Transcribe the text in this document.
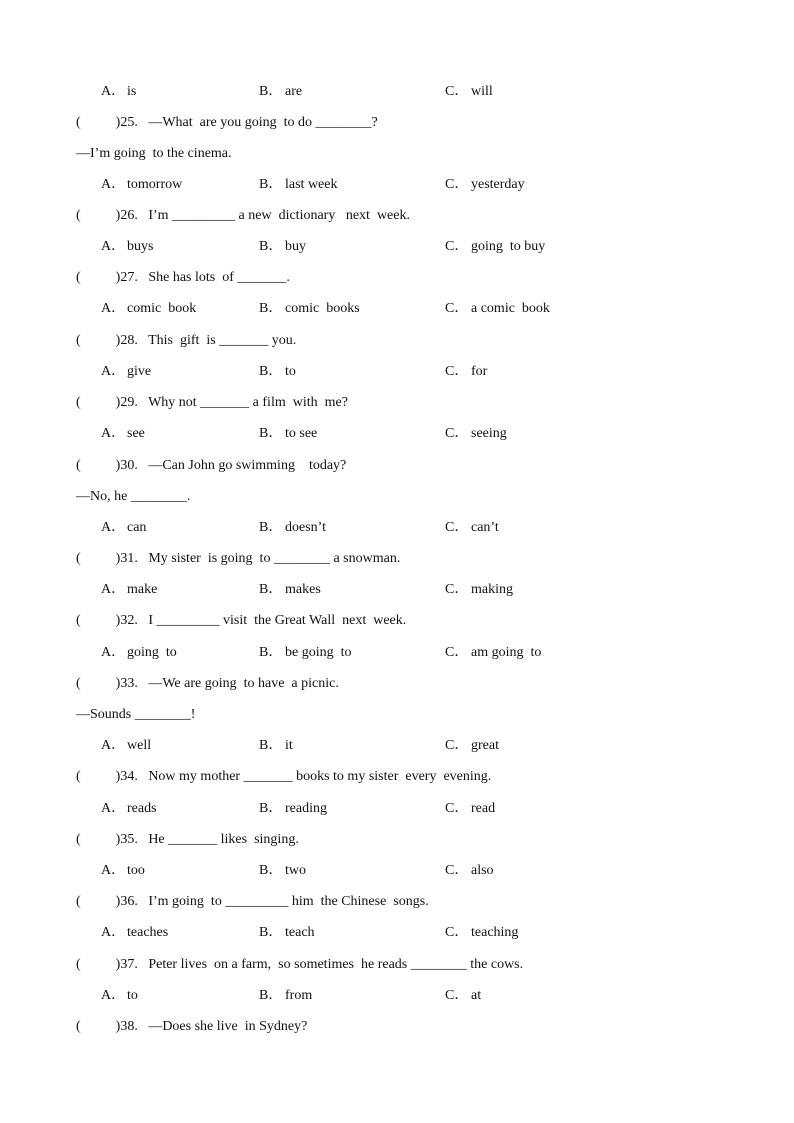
A． is	B． are	C． will
(          )25.   —What  are you going  to do ________?
—I’m going  to the cinema.
A． tomorrow	B． last week	C． yesterday
(          )26.   I’m _________ a new  dictionary   next  week.
A． buys	B． buy	C． going  to buy
(          )27.   She has lots  of _______.
A． comic  book	B． comic  books	C． a comic  book
(          )28.   This  gift  is _______ you.
A． give	B． to	C． for
(          )29.   Why not _______ a film  with  me?
A． see	B． to see	C． seeing
(          )30.   —Can John go swimming    today?
—No, he ________.
A． can	B． doesn’t	C． can’t
(          )31.   My sister  is going  to ________ a snowman.
A． make	B． makes	C． making
(          )32.   I _________ visit  the Great Wall  next  week.
A． going  to	B． be going  to	C． am going  to
(          )33.   —We are going  to have  a picnic.
—Sounds ________!
A． well	B． it	C． great
(          )34.   Now my mother _______ books to my sister  every  evening.
A． reads	B． reading	C． read
(          )35.   He _______ likes  singing.
A． too	B． two	C． also
(          )36.   I’m going  to _________ him  the Chinese  songs.
A． teaches	B． teach	C． teaching
(          )37.   Peter lives  on a farm,  so sometimes  he reads ________ the cows.
A． to	B． from	C． at
(          )38.   —Does she live  in Sydney?
